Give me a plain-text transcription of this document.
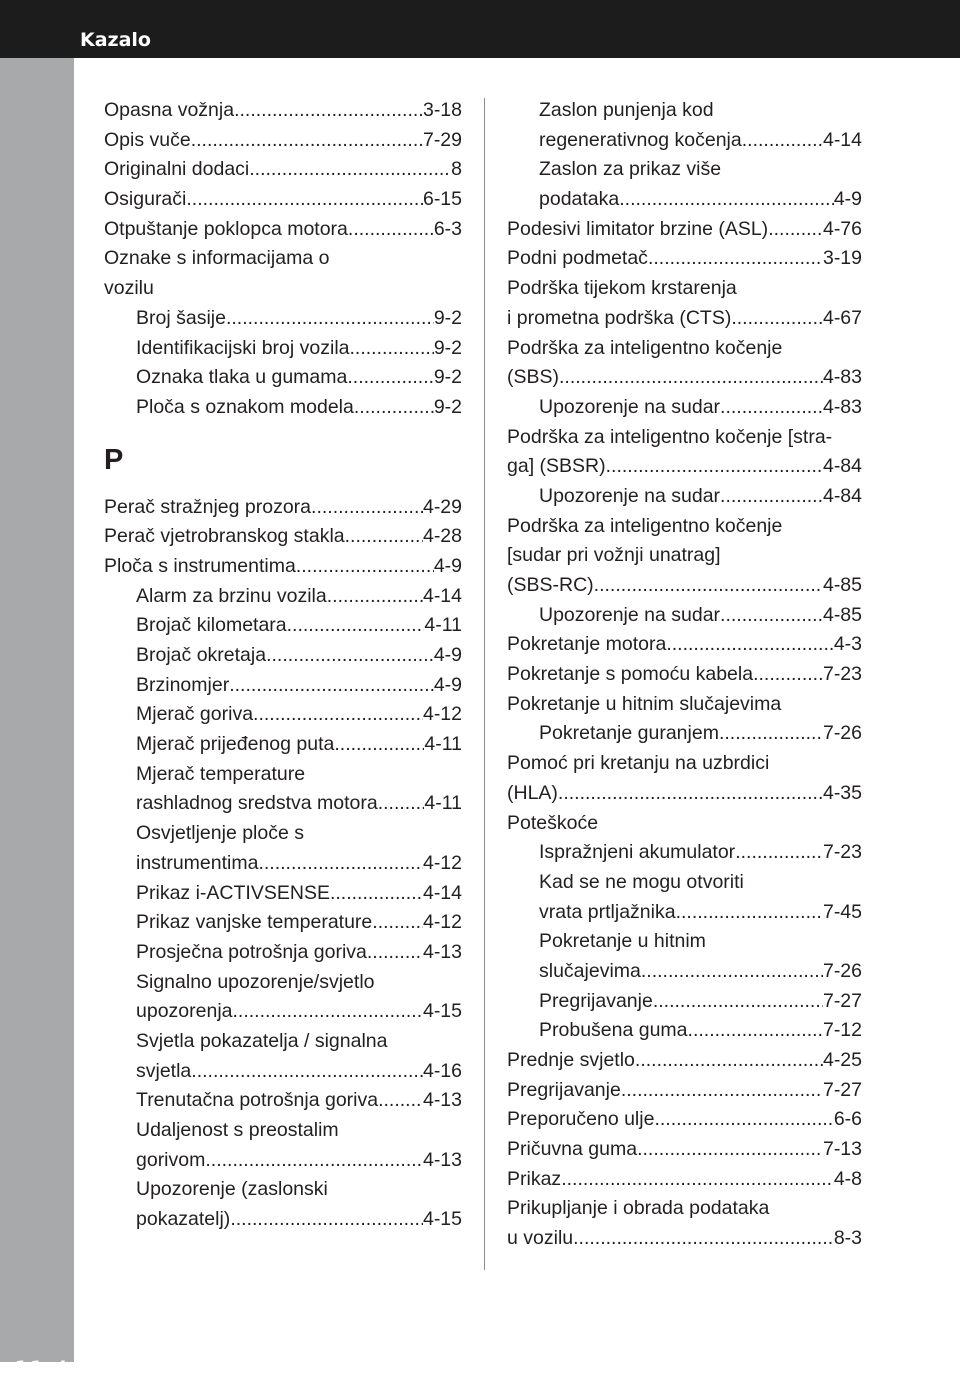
Kazalo
11-4
Opasna vožnja .....	3-18
Opis vuče .....	7-29
Originalni dodaci .....	8
Osigurači .....	6-15
Otpuštanje poklopca motora .....	6-3
Oznake s informacijama o
vozilu
Broj šasije .....	9-2
Identifikacijski broj vozila .....	9-2
Oznaka tlaka u gumama .....	9-2
Ploča s oznakom modela .....	9-2
P
Perač stražnjeg prozora .....	4-29
Perač vjetrobranskog stakla .....	4-28
Ploča s instrumentima .....	4-9
Alarm za brzinu vozila .....	4-14
Brojač kilometara .....	4-11
Brojač okretaja .....	4-9
Brzinomjer .....	4-9
Mjerač goriva .....	4-12
Mjerač prijeđenog puta .....	4-11
Mjerač temperature
rashladnog sredstva motora ..... 4-11
Osvjetljenje ploče s
instrumentima .....	4-12
Prikaz i-ACTIVSENSE .....	4-14
Prikaz vanjske temperature .....	4-12
Prosječna potrošnja goriva .....	4-13
Signalno upozorenje/svjetlo
upozorenja .....	4-15
Svjetla pokazatelja / signalna
svjetla .....	4-16
Trenutačna potrošnja goriva ..... 4-13
Udaljenost s preostalim
gorivom .....	4-13
Upozorenje (zaslonski
pokazatelj) .....	4-15
Zaslon punjenja kod
regenerativnog kočenja .....	4-14
Zaslon za prikaz više
podataka .....	4-9
Podesivi limitator brzine (ASL) .....	4-76
Podni podmetač .....	3-19
Podrška tijekom krstarenja
i prometna podrška (CTS) .....	4-67
Podrška za inteligentno kočenje
(SBS) .....	4-83
Upozorenje na sudar .....	4-83
Podrška za inteligentno kočenje [stra-
ga] (SBSR) .....	4-84
Upozorenje na sudar .....	4-84
Podrška za inteligentno kočenje
[sudar pri vožnji unatrag]
(SBS-RC) .....	4-85
Upozorenje na sudar .....	4-85
Pokretanje motora .....	4-3
Pokretanje s pomoću kabela .....	7-23
Pokretanje u hitnim slučajevima
Pokretanje guranjem .....	7-26
Pomoć pri kretanju na uzbrdici
(HLA) .....	4-35
Poteškoće
Ispražnjeni akumulator .....	7-23
Kad se ne mogu otvoriti
vrata prtljažnika .....	7-45
Pokretanje u hitnim
slučajevima .....	7-26
Pregrijavanje .....	7-27
Probušena guma .....	7-12
Prednje svjetlo .....	4-25
Pregrijavanje .....	7-27
Preporučeno ulje .....	6-6
Pričuvna guma .....	7-13
Prikaz .....	4-8
Prikupljanje i obrada podataka
u vozilu .....	8-3
